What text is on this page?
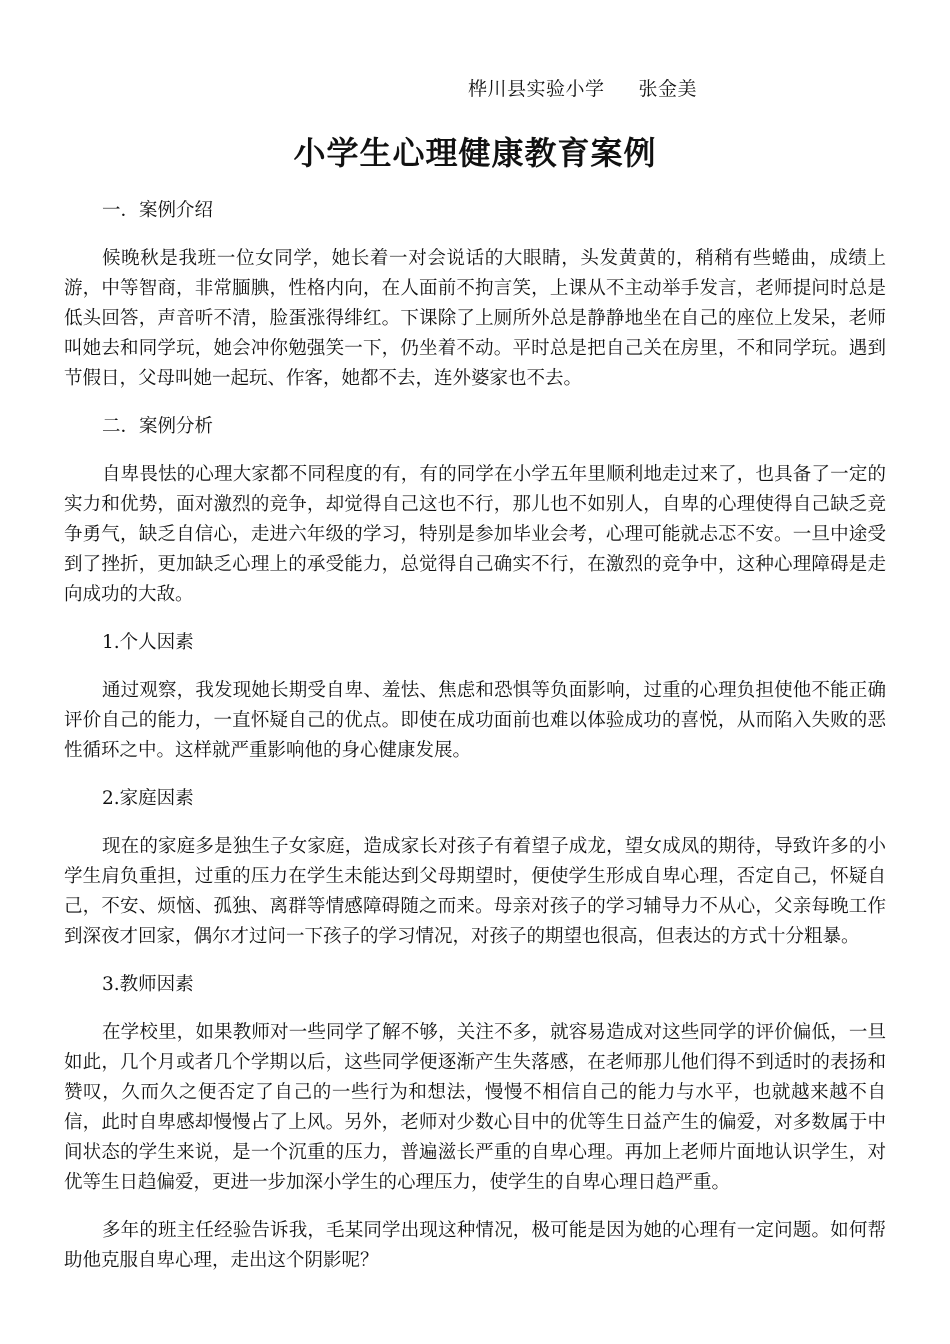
桦川县实验小学 张金美
小学生心理健康教育案例
一．案例介绍
候晚秋是我班一位女同学，她长着一对会说话的大眼睛，头发黄黄的，稍稍有些蜷曲，成绩上游，中等智商，非常腼腆，性格内向，在人面前不拘言笑，上课从不主动举手发言，老师提问时总是低头回答，声音听不清，脸蛋涨得绯红。下课除了上厕所外总是静静地坐在自己的座位上发呆，老师叫她去和同学玩，她会冲你勉强笑一下，仍坐着不动。平时总是把自己关在房里，不和同学玩。遇到节假日，父母叫她一起玩、作客，她都不去，连外婆家也不去。
二．案例分析
自卑畏怯的心理大家都不同程度的有，有的同学在小学五年里顺利地走过来了，也具备了一定的实力和优势，面对激烈的竞争，却觉得自己这也不行，那儿也不如别人，自卑的心理使得自己缺乏竞争勇气，缺乏自信心，走进六年级的学习，特别是参加毕业会考，心理可能就忐忑不安。一旦中途受到了挫折，更加缺乏心理上的承受能力，总觉得自己确实不行，在激烈的竞争中，这种心理障碍是走向成功的大敌。
1.个人因素
通过观察，我发现她长期受自卑、羞怯、焦虑和恐惧等负面影响，过重的心理负担使他不能正确评价自己的能力，一直怀疑自己的优点。即使在成功面前也难以体验成功的喜悦，从而陷入失败的恶性循环之中。这样就严重影响他的身心健康发展。
2.家庭因素
现在的家庭多是独生子女家庭，造成家长对孩子有着望子成龙，望女成凤的期待，导致许多的小学生肩负重担，过重的压力在学生未能达到父母期望时，便使学生形成自卑心理，否定自己，怀疑自己，不安、烦恼、孤独、离群等情感障碍随之而来。母亲对孩子的学习辅导力不从心，父亲每晚工作到深夜才回家，偶尔才过问一下孩子的学习情况，对孩子的期望也很高，但表达的方式十分粗暴。
3.教师因素
在学校里，如果教师对一些同学了解不够，关注不多，就容易造成对这些同学的评价偏低，一旦如此，几个月或者几个学期以后，这些同学便逐渐产生失落感，在老师那儿他们得不到适时的表扬和赞叹，久而久之便否定了自己的一些行为和想法，慢慢不相信自己的能力与水平，也就越来越不自信，此时自卑感却慢慢占了上风。另外，老师对少数心目中的优等生日益产生的偏爱，对多数属于中间状态的学生来说，是一个沉重的压力，普遍滋长严重的自卑心理。再加上老师片面地认识学生，对优等生日趋偏爱，更进一步加深小学生的心理压力，使学生的自卑心理日趋严重。
多年的班主任经验告诉我，毛某同学出现这种情况，极可能是因为她的心理有一定问题。如何帮助他克服自卑心理，走出这个阴影呢？
